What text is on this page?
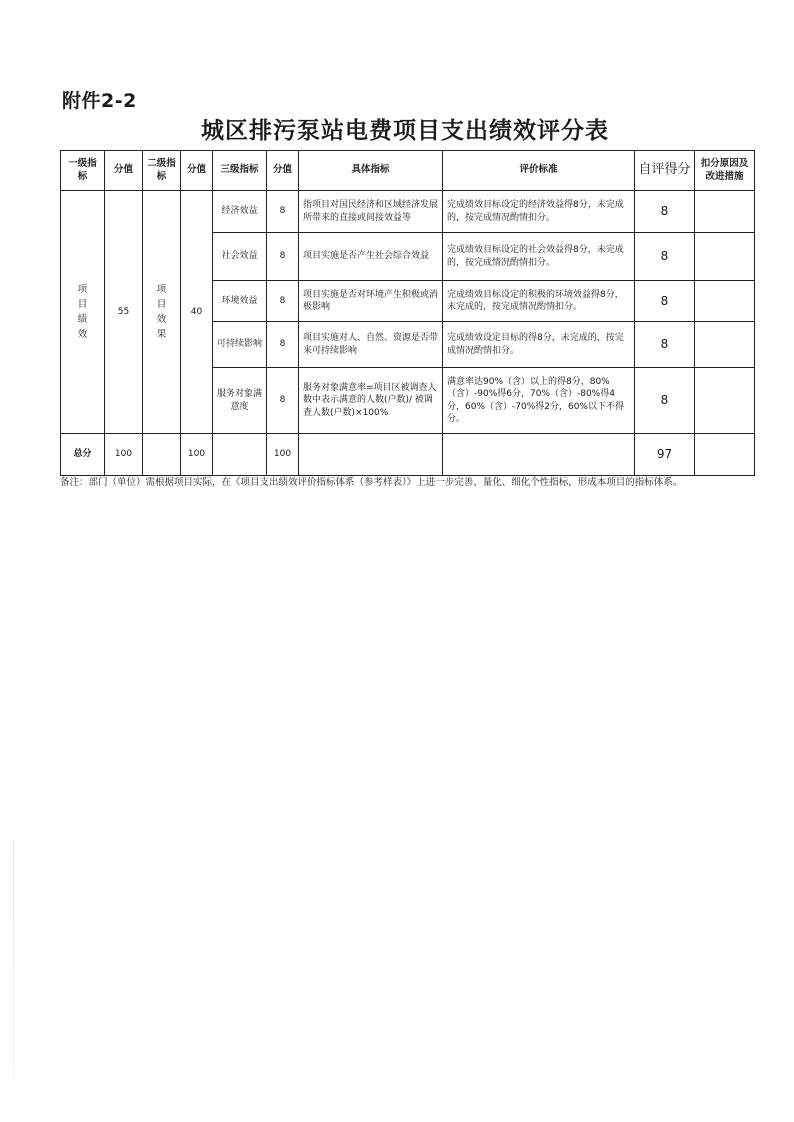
附件2-2
城区排污泵站电费项目支出绩效评分表
一级指标	分值	二级指标	分值	三级指标	分值	具体指标	评价标准	自评得分	扣分原因及改进措施
项目绩效	55	项目效果	40	经济效益	8	指项目对国民经济和区域经济发展所带来的直接或间接效益等	完成绩效目标设定的经济效益得8分，未完成的，按完成情况酌情扣分。	8	
				社会效益	8	项目实施是否产生社会综合效益	完成绩效目标设定的社会效益得8分，未完成的，按完成情况酌情扣分。	8	
				环境效益	8	项目实施是否对环境产生积极或消极影响	完成绩效目标设定的积极的环境效益得8分，未完成的，按完成情况酌情扣分。	8	
				可持续影响	8	项目实施对人、自然、资源是否带来可持续影响	完成绩效设定目标的得8分，未完成的，按完成情况酌情扣分。	8	
				服务对象满意度	8	服务对象满意率=项目区被调查人数中表示满意的人数(户数)/ 被调查人数(户数)×100%	满意率达90%（含）以上的得8分，80%（含）-90%得6分，70%（含）-80%得4分，60%（含）-70%得2分，60%以下不得分。	8	
总分	100		100		100			97	
备注：部门（单位）需根据项目实际，在《项目支出绩效评价指标体系（参考样表）》上进一步完善、量化、细化个性指标，形成本项目的指标体系。
